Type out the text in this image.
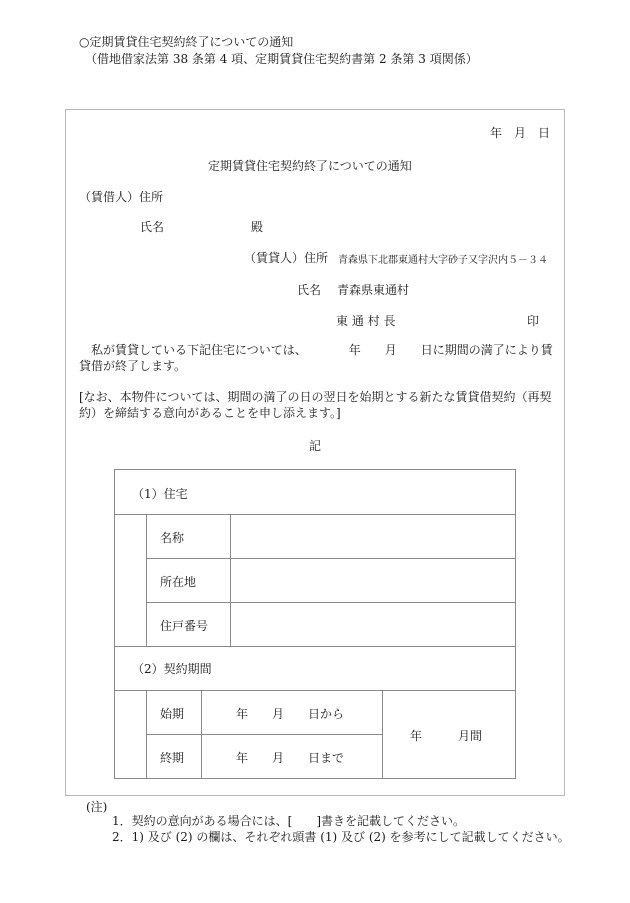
○定期賃貸住宅契約終了についての通知
（借地借家法第 38 条第 4 項、定期賃貸住宅契約書第 2 条第 3 項関係）
年　月　日
定期賃貸住宅契約終了についての通知
（賃借人）住所
氏名	殿
（賃貸人）住所 青森県下北郡東通村大字砂子又字沢内５－３４
氏名 青森県東通村
東 通 村 長	印
　私が賃貸している下記住宅については、　　　　年　　月　　日に期間の満了により賃貸借が終了します。
[なお、本物件については、期間の満了の日の翌日を始期とする新たな賃貸借契約（再契約）を締結する意向があることを申し添えます。]
記
（1）住宅
名称
所在地
住戸番号
（2）契約期間
始期	年　　月　　日から
終期	年　　月　　日まで
年　　　月間
(注)
1．契約の意向がある場合には、[　　]書きを記載してください。
2．1) 及び (2) の欄は、それぞれ頭書 (1) 及び (2) を参考にして記載してください。
